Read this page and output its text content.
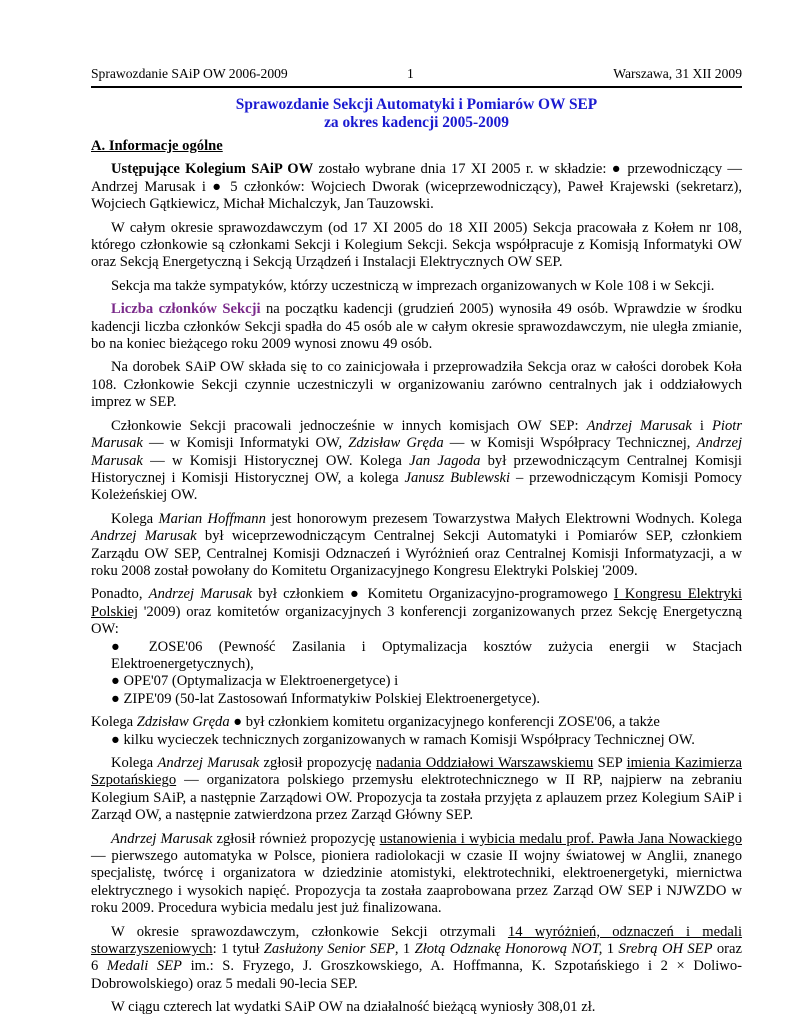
Sprawozdanie SAiP OW 2006-2009	1	Warszawa, 31 XII 2009
Sprawozdanie Sekcji Automatyki i Pomiarów OW SEP
za okres kadencji 2005-2009
A. Informacje ogólne

Ustępujące Kolegium SAiP OW zostało wybrane dnia 17 XI 2005 r. w składzie: ● przewodniczący — Andrzej Marusak i ● 5 członków: Wojciech Dworak (wiceprzewodniczący), Paweł Krajewski (sekretarz), Wojciech Gątkiewicz, Michał Michalczyk, Jan Tauzowski.

W całym okresie sprawozdawczym (od 17 XI 2005 do 18 XII 2005) Sekcja pracowała z Kołem nr 108, którego członkowie są członkami Sekcji i Kolegium Sekcji. Sekcja współpracuje z Komisją Informatyki OW oraz Sekcją Energetyczną i Sekcją Urządzeń i Instalacji Elektrycznych OW SEP.

Sekcja ma także sympatyków, którzy uczestniczą w imprezach organizowanych w Kole 108 i w Sekcji.

Liczba członków Sekcji na początku kadencji (grudzień 2005) wynosiła 49 osób. Wprawdzie w środku kadencji liczba członków Sekcji spadła do 45 osób ale w całym okresie sprawozdawczym, nie uległa zmianie, bo na koniec bieżącego roku 2009 wynosi znowu 49 osób.

Na dorobek SAiP OW składa się to co zainicjowała i przeprowadziła Sekcja oraz w całości dorobek Koła 108. Członkowie Sekcji czynnie uczestniczyli w organizowaniu zarówno centralnych jak i oddziałowych imprez w SEP.

Członkowie Sekcji pracowali jednocześnie w innych komisjach OW SEP: Andrzej Marusak i Piotr Marusak — w Komisji Informatyki OW, Zdzisław Gręda — w Komisji Współpracy Technicznej, Andrzej Marusak — w Komisji Historycznej OW. Kolega Jan Jagoda był przewodniczącym Centralnej Komisji Historycznej i Komisji Historycznej OW, a kolega Janusz Bublewski – przewodniczącym Komisji Pomocy Koleżeńskiej OW.

Kolega Marian Hoffmann jest honorowym prezesem Towarzystwa Małych Elektrowni Wodnych. Kolega Andrzej Marusak był wiceprzewodniczącym Centralnej Sekcji Automatyki i Pomiarów SEP, członkiem Zarządu OW SEP, Centralnej Komisji Odznaczeń i Wyróżnień oraz Centralnej Komisji Informatyzacji, a w roku 2008 został powołany do Komitetu Organizacyjnego Kongresu Elektryki Polskiej '2009.

Ponadto, Andrzej Marusak był członkiem ● Komitetu Organizacyjno-programowego I Kongresu Elektryki Polskiej '2009) oraz komitetów organizacyjnych 3 konferencji zorganizowanych przez Sekcję Energetyczną OW:
● ZOSE'06 (Pewność Zasilania i Optymalizacja kosztów zużycia energii w Stacjach Elektroenergetycznych),
● OPE'07 (Optymalizacja w Elektroenergetyce) i
● ZIPE'09 (50-lat Zastosowań Informatykiw Polskiej Elektroenergetyce).
Kolega Zdzisław Gręda ● był członkiem komitetu organizacyjnego konferencji ZOSE'06, a także
● kilku wycieczek technicznych zorganizowanych w ramach Komisji Współpracy Technicznej OW.

Kolega Andrzej Marusak zgłosił propozycję nadania Oddziałowi Warszawskiemu SEP imienia Kazimierza Szpotańskiego — organizatora polskiego przemysłu elektrotechnicznego w II RP, najpierw na zebraniu Kolegium SAiP, a następnie Zarządowi OW. Propozycja ta została przyjęta z aplauzem przez Kolegium SAiP i Zarząd OW, a następnie zatwierdzona przez Zarząd Główny SEP.

Andrzej Marusak zgłosił również propozycję ustanowienia i wybicia medalu prof. Pawła Jana Nowackiego — pierwszego automatyka w Polsce, pioniera radiolokacji w czasie II wojny światowej w Anglii, znanego specjalistę, twórcę i organizatora w dziedzinie atomistyki, elektrotechniki, elektroenergetyki, miernictwa elektrycznego i wysokich napięć. Propozycja ta została zaaprobowana przez Zarząd OW SEP i NJWZDO w roku 2009. Procedura wybicia medalu jest już finalizowana.

W okresie sprawozdawczym, członkowie Sekcji otrzymali 14 wyróżnień, odznaczeń i medali stowarzyszeniowych: 1 tytuł Zasłużony Senior SEP, 1 Złotą Odznakę Honorową NOT, 1 Srebrą OH SEP oraz 6 Medali SEP im.: S. Fryzego, J. Groszkowskiego, A. Hoffmanna, K. Szpotańskiego i 2 × Doliwo-Dobrowolskiego) oraz 5 medali 90-lecia SEP.

W ciągu czterech lat wydatki SAiP OW na działalność bieżącą wyniosły 308,01 zł.
